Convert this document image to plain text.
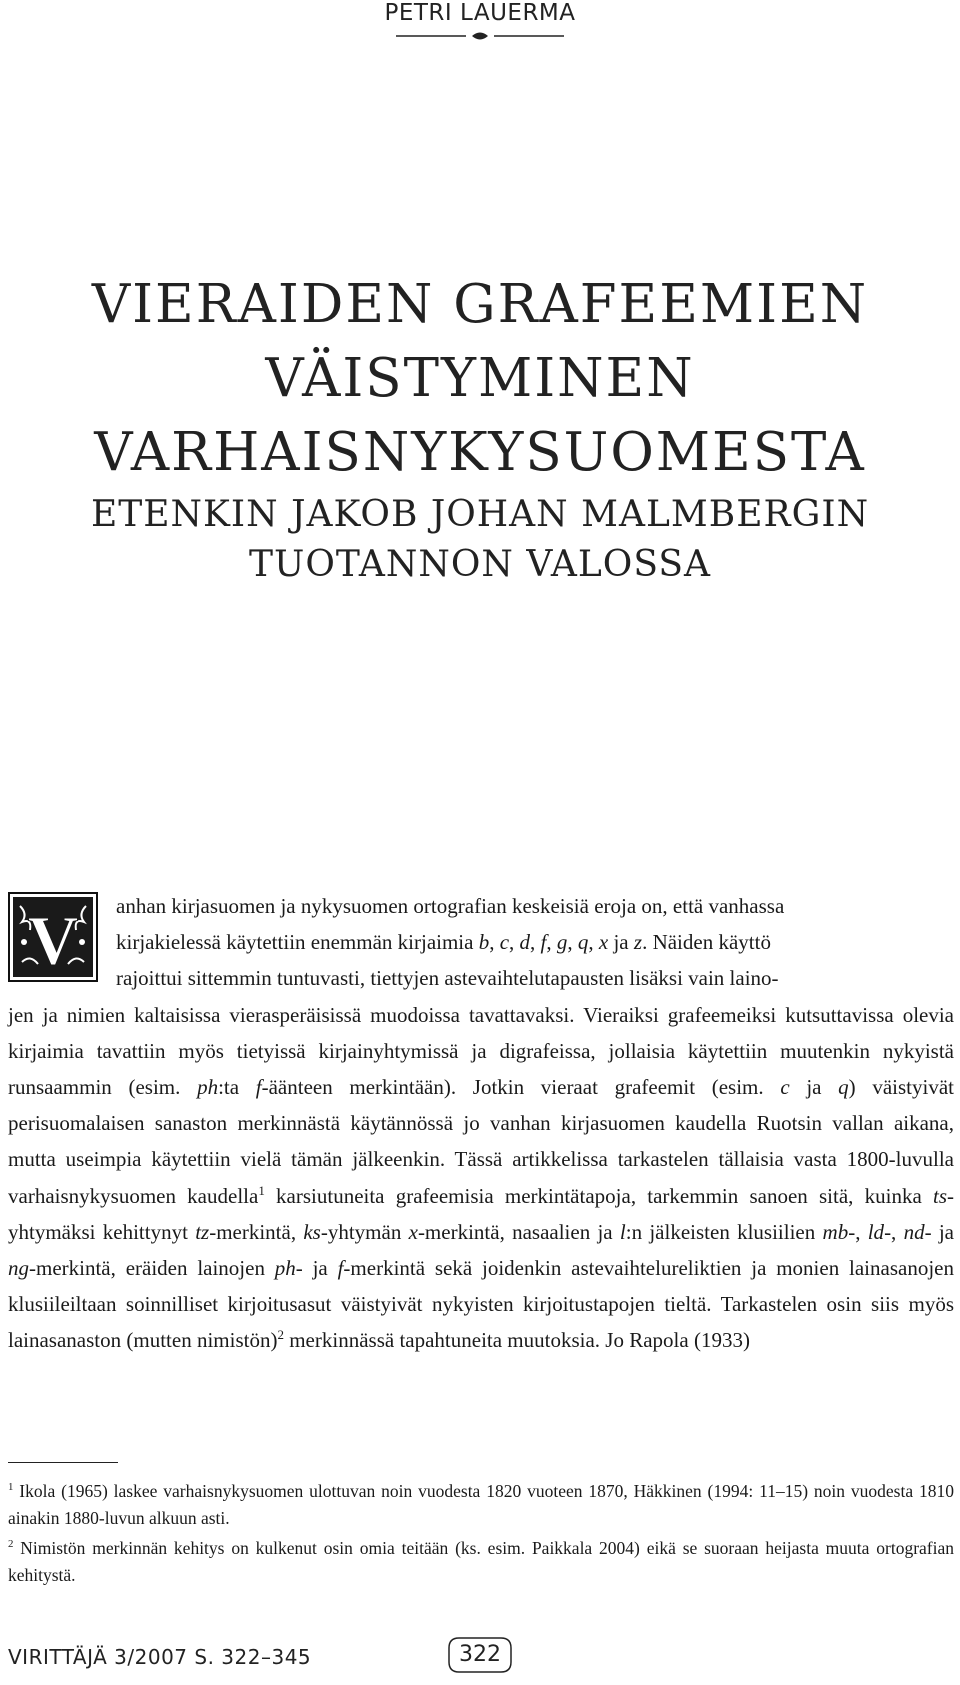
PETRI LAUERMA
VIERAIDEN GRAFEEMIEN
VÄISTYMINEN
VARHAISNYKYSUOMESTA
ETENKIN JAKOB JOHAN MALMBERGIN
TUOTANNON VALOSSA
V	anhan kirjasuomen ja nykysuomen ortografian keskeisiä eroja on, että vanhassa
kirjakielessä käytettiin enemmän kirjaimia b, c, d, f, g, q, x ja z. Näiden käyttö
rajoittui sittemmin tuntuvasti, tiettyjen astevaihtelutapausten lisäksi vain laino-
jen ja nimien kaltaisissa vierasperäisissä muodoissa tavattavaksi. Vieraiksi grafeemeiksi kutsuttavissa olevia kirjaimia tavattiin myös tietyissä kirjainyhtymissä ja digrafeissa, jollaisia käytettiin muutenkin nykyistä runsaammin (esim. ph:ta f-äänteen merkintään). Jotkin vieraat grafeemit (esim. c ja q) väistyivät perisuomalaisen sanaston merkinnästä käytännössä jo vanhan kirjasuomen kaudella Ruotsin vallan aikana, mutta useimpia käytettiin vielä tämän jälkeenkin. Tässä artikkelissa tarkastelen tällaisia vasta 1800-luvulla varhaisnykysuomen kaudella$^1$ karsiutuneita grafeemisia merkintätapoja, tarkemmin sanoen sitä, kuinka ts-yhtymäksi kehittynyt tz-merkintä, ks-yhtymän x-merkintä, nasaalien ja l:n jälkeisten klusiilien mb-, ld-, nd- ja ng-merkintä, eräiden lainojen ph- ja f-merkintä sekä joidenkin astevaihtelureliktien ja monien lainasanojen klusiileiltaan soinnilliset kirjoitusasut väistyivät nykyisten kirjoitustapojen tieltä. Tarkastelen osin siis myös lainasanaston (mutten nimistön)$^2$ merkinnässä tapahtuneita muutoksia. Jo Rapola (1933)

$^1$ Ikola (1965) laskee varhaisnykysuomen ulottuvan noin vuodesta 1820 vuoteen 1870, Häkkinen (1994: 11–15) noin vuodesta 1810 ainakin 1880-luvun alkuun asti.

$^2$ Nimistön merkinnän kehitys on kulkenut osin omia teitään (ks. esim. Paikkala 2004) eikä se suoraan heijasta muuta ortografian kehitystä.

VIRITTÄJÄ 3/2007 S. 322–345	322
